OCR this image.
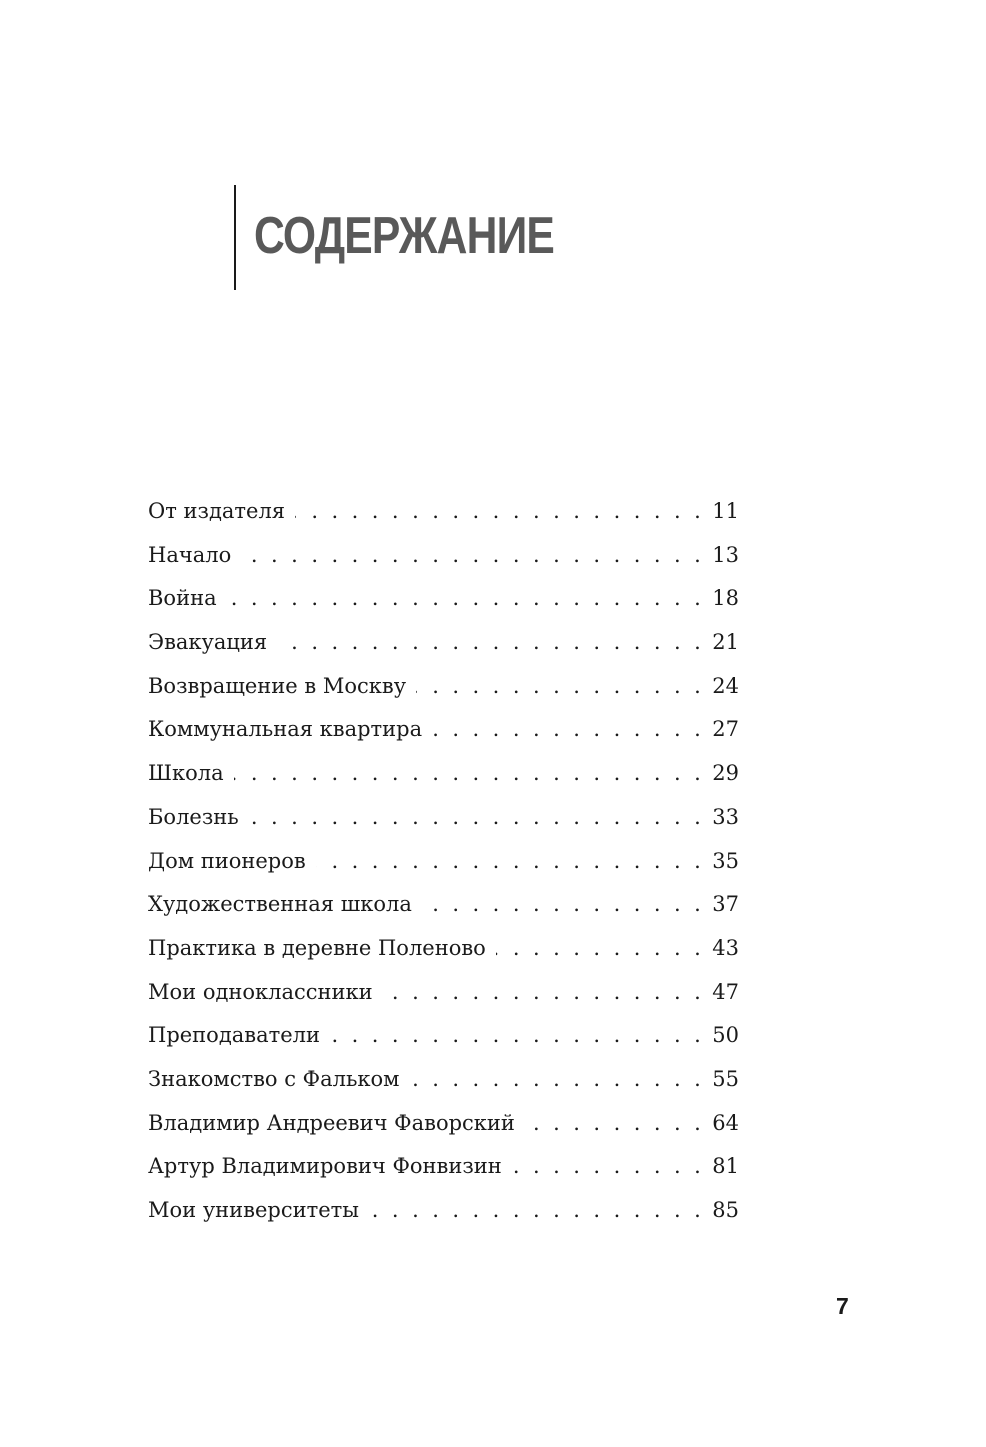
СОДЕРЖАНИЕ
От издателя . . .	11
Начало . . .	13
Война . . .	18
Эвакуация . . .	21
Возвращение в Москву . . .	24
Коммунальная квартира . . .	27
Школа . . .	29
Болезнь . . .	33
Дом пионеров . . .	35
Художественная школа . . .	37
Практика в деревне Поленово . . .	43
Мои одноклассники . . .	47
Преподаватели . . .	50
Знакомство с Фальком . . .	55
Владимир Андреевич Фаворский . . .	64
Артур Владимирович Фонвизин . . .	81
Мои университеты . . .	85
7
